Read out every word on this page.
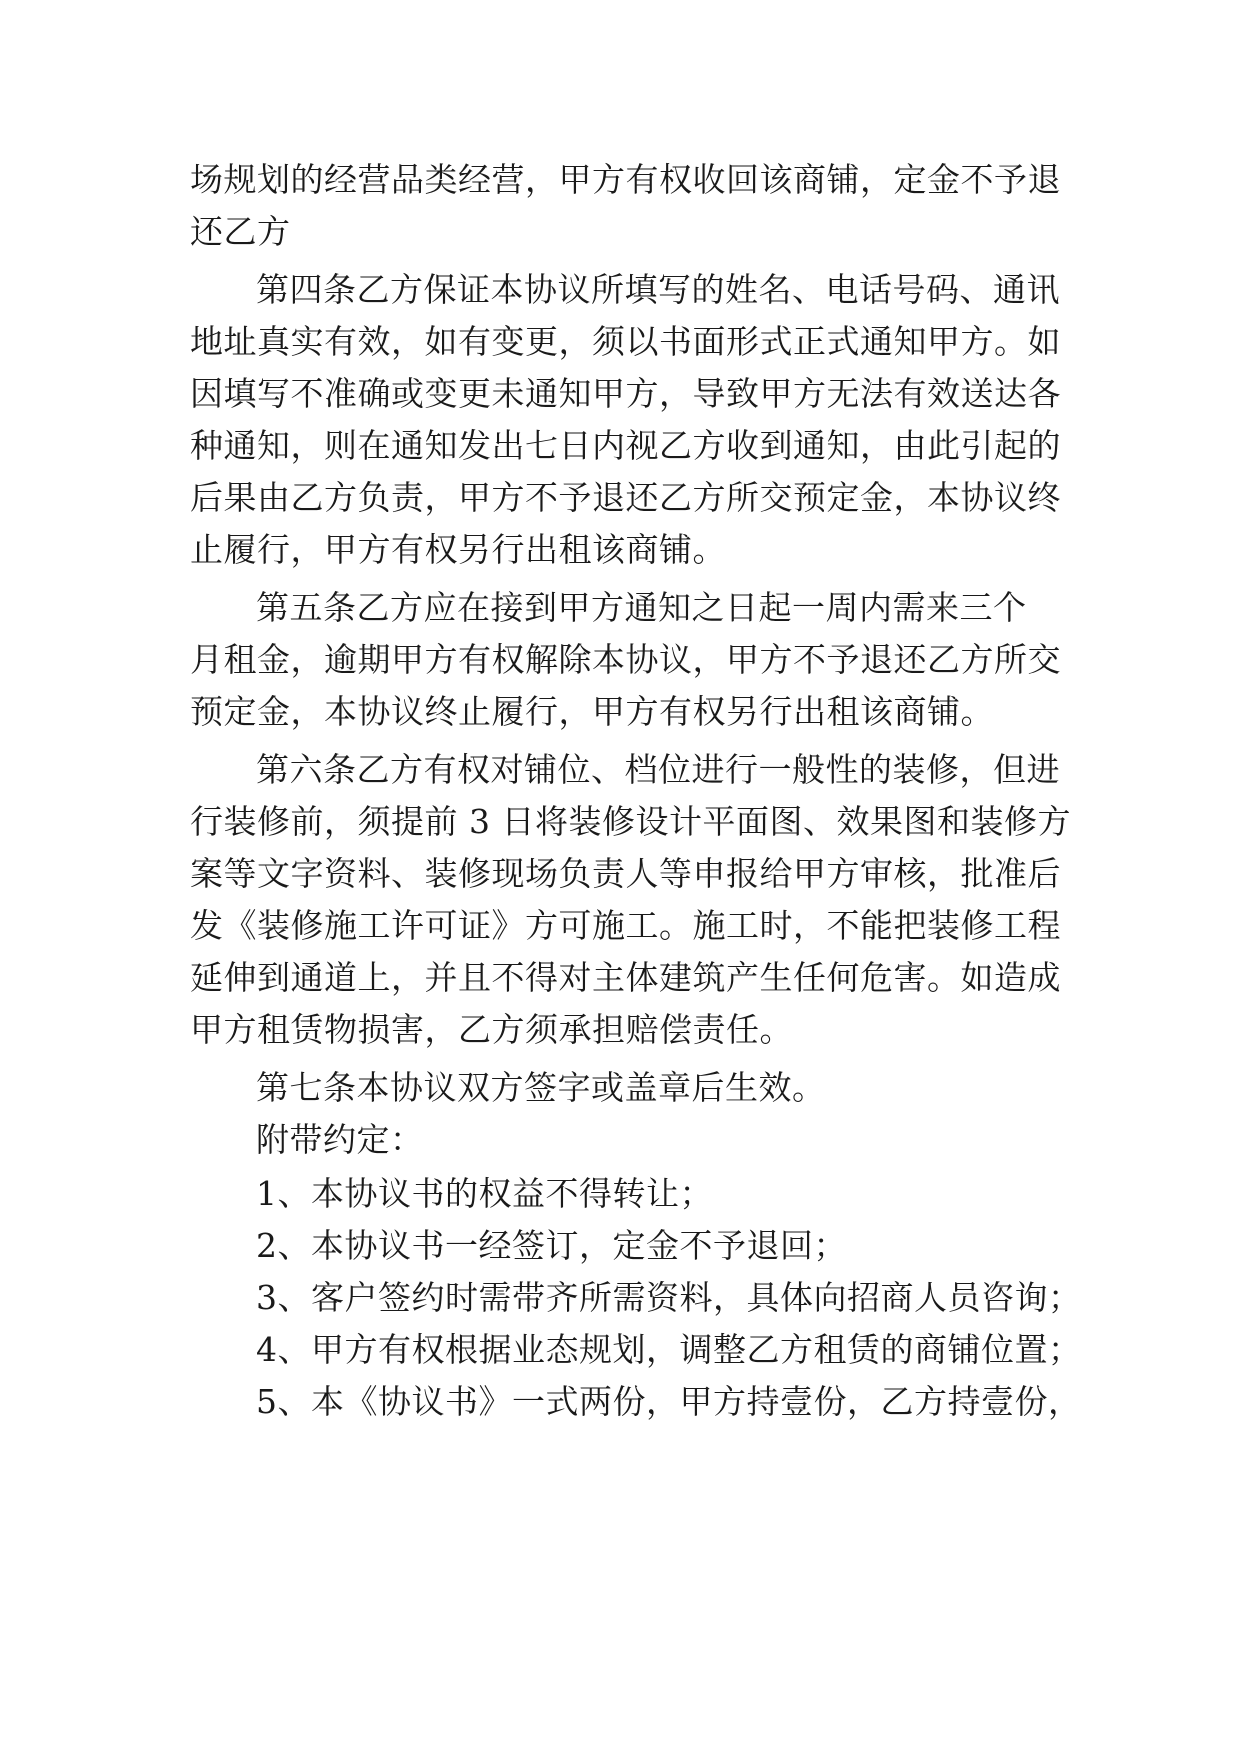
场规划的经营品类经营，甲方有权收回该商铺，定金不予退
还乙方
第四条乙方保证本协议所填写的姓名、电话号码、通讯
地址真实有效，如有变更，须以书面形式正式通知甲方。如
因填写不准确或变更未通知甲方，导致甲方无法有效送达各
种通知，则在通知发出七日内视乙方收到通知，由此引起的
后果由乙方负责，甲方不予退还乙方所交预定金，本协议终
止履行，甲方有权另行出租该商铺。
第五条乙方应在接到甲方通知之日起一周内需来三个
月租金，逾期甲方有权解除本协议，甲方不予退还乙方所交
预定金，本协议终止履行，甲方有权另行出租该商铺。
第六条乙方有权对铺位、档位进行一般性的装修，但进
行装修前，须提前 3 日将装修设计平面图、效果图和装修方
案等文字资料、装修现场负责人等申报给甲方审核，批准后
发《装修施工许可证》方可施工。施工时，不能把装修工程
延伸到通道上，并且不得对主体建筑产生任何危害。如造成
甲方租赁物损害，乙方须承担赔偿责任。
第七条本协议双方签字或盖章后生效。
附带约定：
1、本协议书的权益不得转让；
2、本协议书一经签订，定金不予退回；
3、客户签约时需带齐所需资料，具体向招商人员咨询；
4、甲方有权根据业态规划，调整乙方租赁的商铺位置；
5、本《协议书》一式两份，甲方持壹份，乙方持壹份，
